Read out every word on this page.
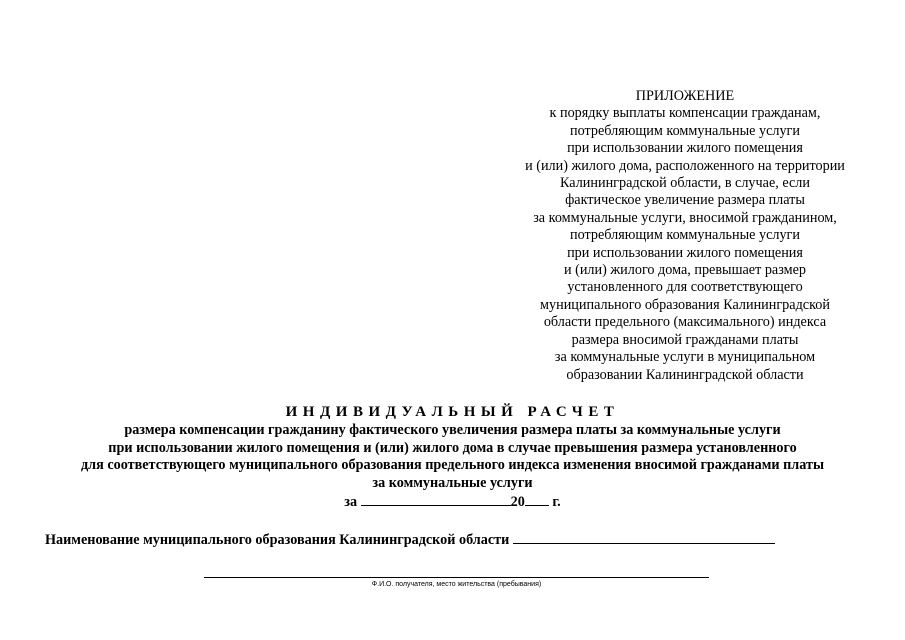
ПРИЛОЖЕНИЕ
к порядку выплаты компенсации гражданам,
потребляющим коммунальные услуги
при использовании жилого помещения
и (или) жилого дома, расположенного на территории
Калининградской области, в случае, если
фактическое увеличение размера платы
за коммунальные услуги, вносимой гражданином,
потребляющим коммунальные услуги
при использовании жилого помещения
и (или) жилого дома, превышает размер
установленного для соответствующего
муниципального образования Калининградской
области предельного (максимального) индекса
размера вносимой гражданами платы
за коммунальные услуги в муниципальном
образовании Калининградской области
ИНДИВИДУАЛЬНЫЙ РАСЧЕТ
размера компенсации гражданину фактического увеличения размера платы за коммунальные услуги
при использовании жилого помещения и (или) жилого дома в случае превышения размера установленного
для соответствующего муниципального образования предельного индекса изменения вносимой гражданами платы
за коммунальные услуги
за	20 г.
Наименование муниципального образования Калининградской области
Ф.И.О. получателя, место жительства (пребывания)
